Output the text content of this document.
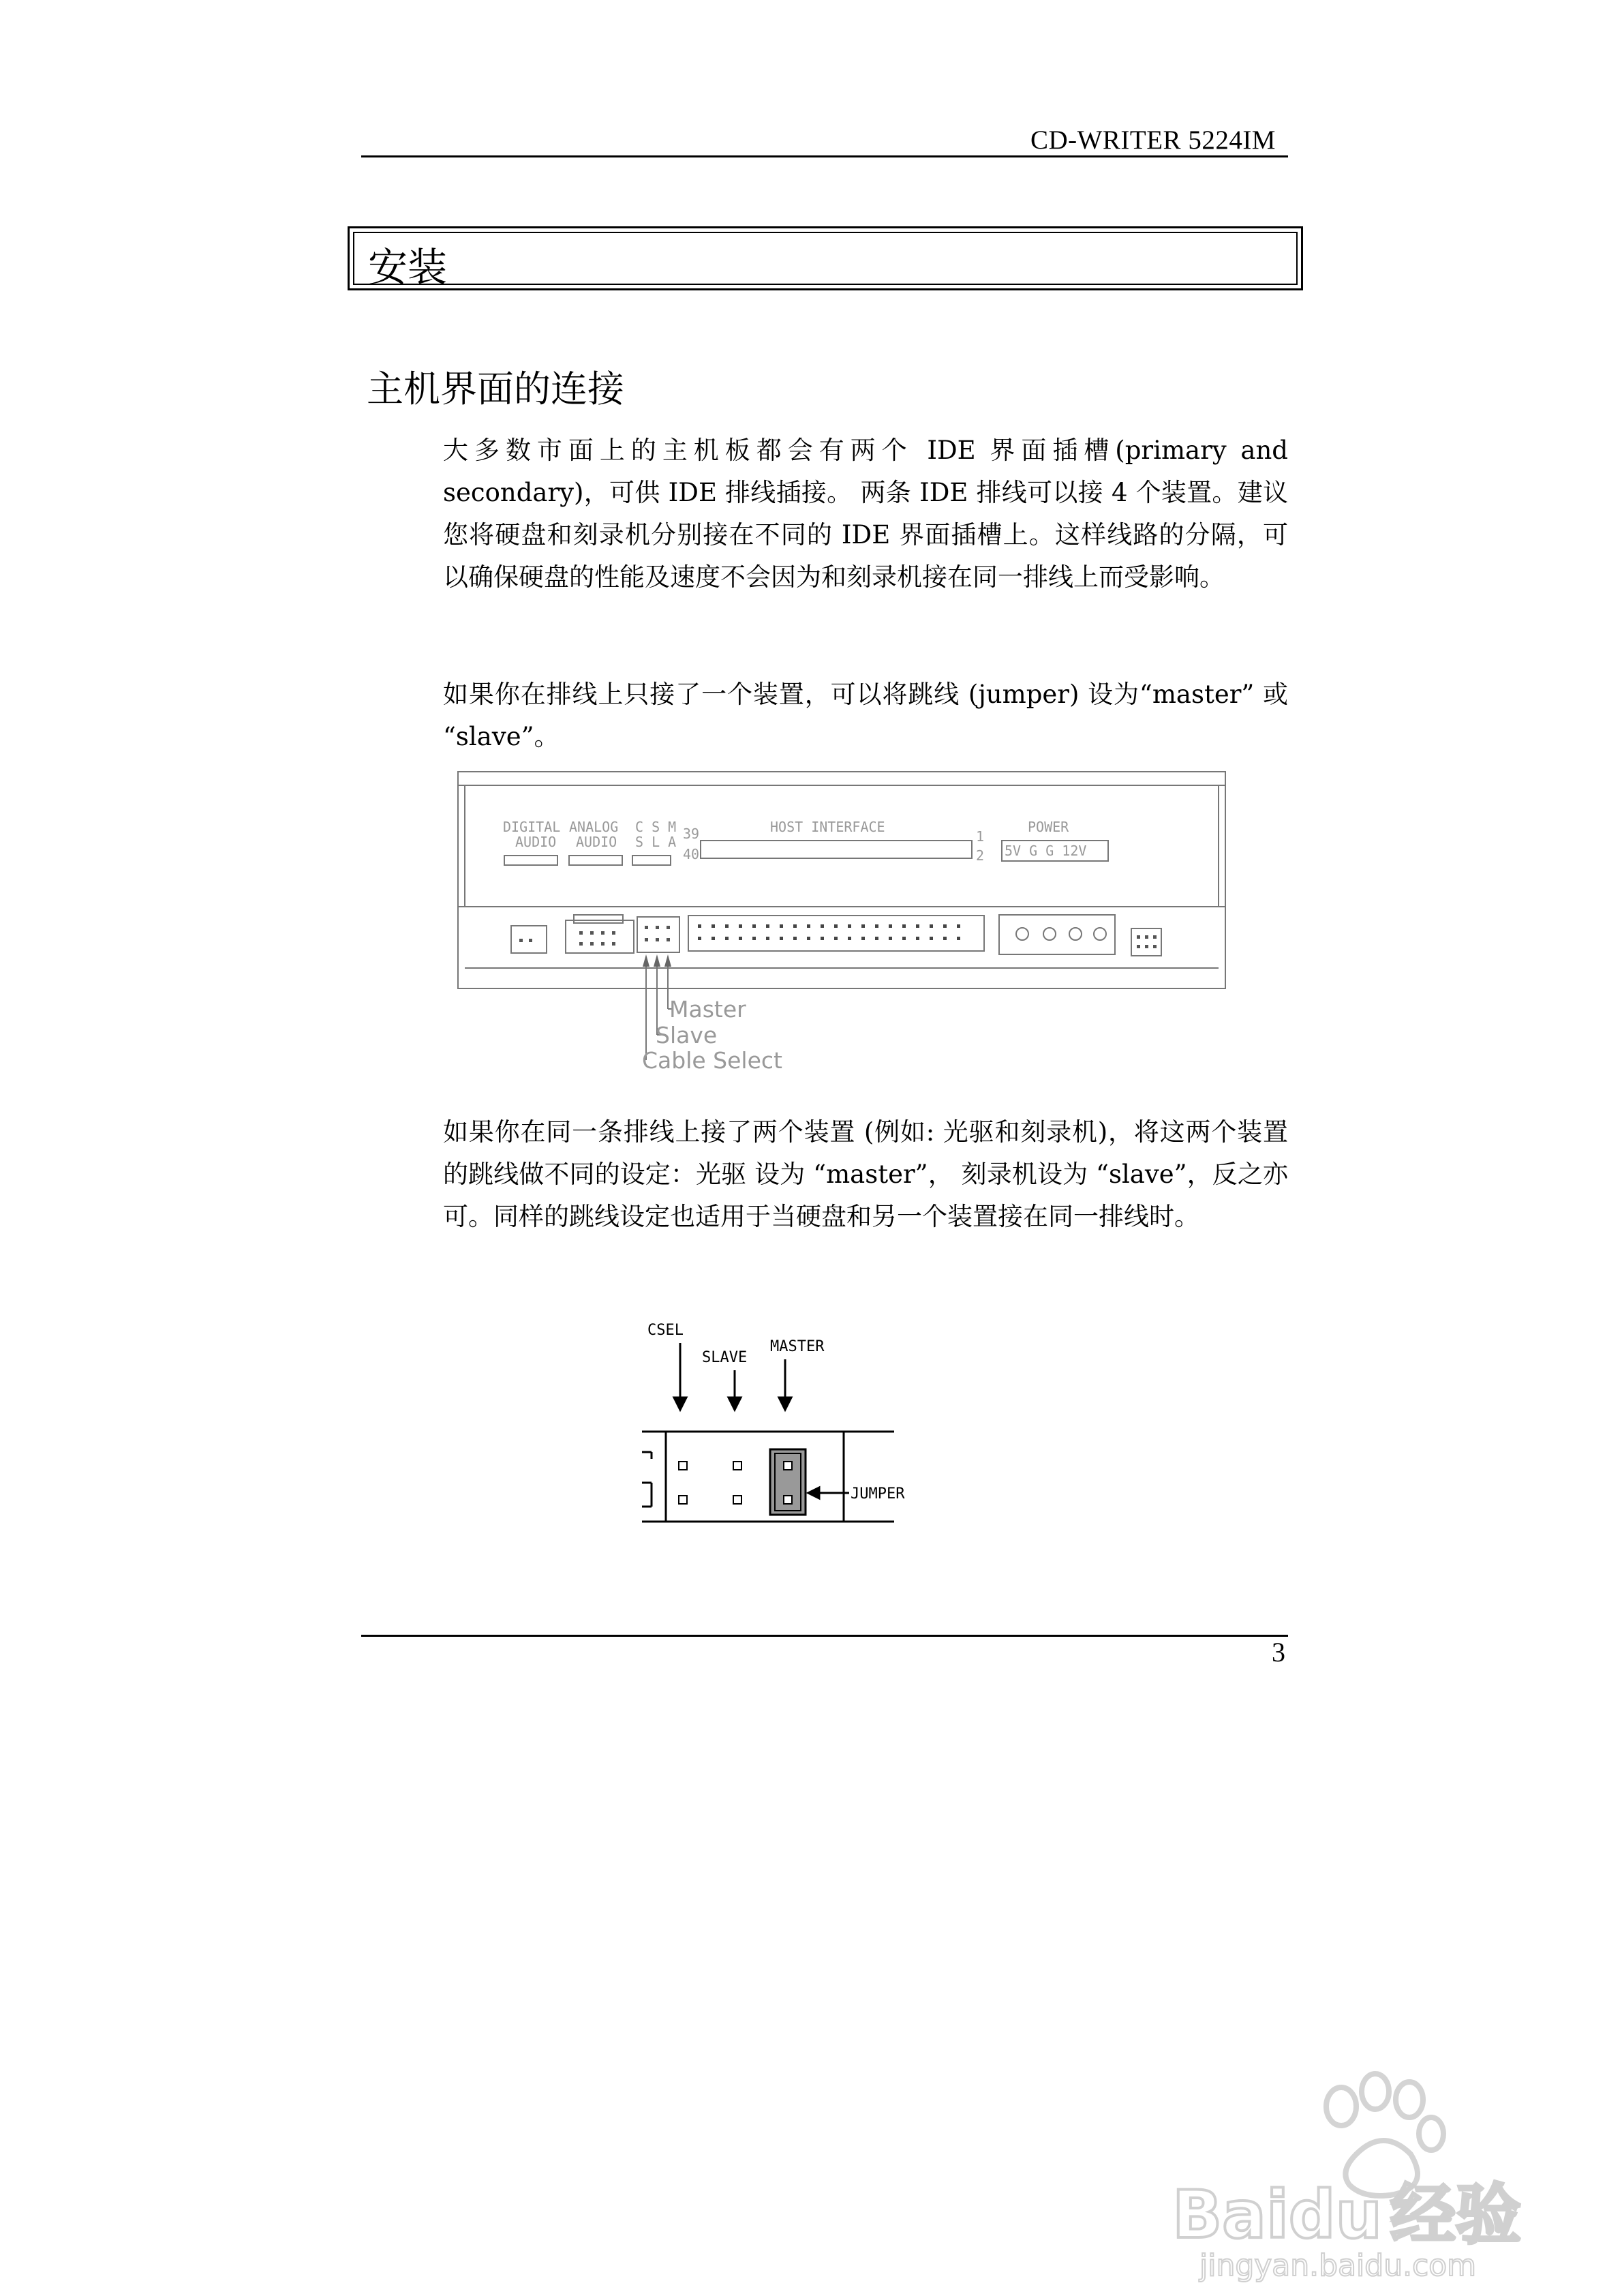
CD-WRITER 5224IM
安装
主机界面的连接
大多数市面上的主机板都会有两个 IDE 界面插槽(primary and secondary)，可供 IDE 排线插接。 两条 IDE 排线可以接 4 个装置。建议您将硬盘和刻录机分别接在不同的 IDE 界面插槽上。这样线路的分隔，可以确保硬盘的性能及速度不会因为和刻录机接在同一排线上而受影响。
如果你在排线上只接了一个装置，可以将跳线 (jumper) 设为“master” 或 “slave”。
DIGITAL
AUDIO
ANALOG
AUDIO
C S M
S L A 39
40
HOST INTERFACE
1
2
POWER
5V G G 12V
Master
Slave
Cable Select
如果你在同一条排线上接了两个装置 (例如: 光驱和刻录机)，将这两个装置的跳线做不同的设定：光驱 设为 “master”， 刻录机设为 “slave”，反之亦可。同样的跳线设定也适用于当硬盘和另一个装置接在同一排线时。
CSEL
SLAVE
MASTER
JUMPER
3
Baidu 经验
jingyan.baidu.com
